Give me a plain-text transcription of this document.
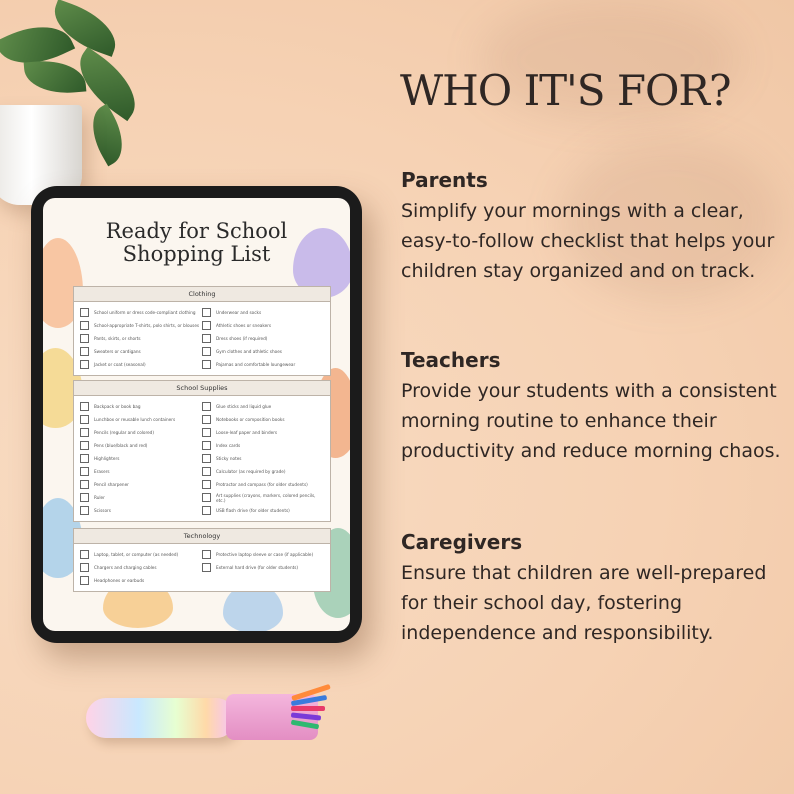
Ready for School
Shopping List
Clothing
School uniform or dress code-compliant clothing
School-appropriate T-shirts, polo shirts, or blouses
Pants, skirts, or shorts
Sweaters or cardigans
Jacket or coat (seasonal)
Underwear and socks
Athletic shoes or sneakers
Dress shoes (if required)
Gym clothes and athletic shoes
Pajamas and comfortable loungewear
School Supplies
Backpack or book bag
Lunchbox or reusable lunch containers
Pencils (regular and colored)
Pens (blue/black and red)
Highlighters
Erasers
Pencil sharpener
Ruler
Scissors
Glue sticks and liquid glue
Notebooks or composition books
Loose-leaf paper and binders
Index cards
Sticky notes
Calculator (as required by grade)
Protractor and compass (for older students)
Art supplies (crayons, markers, colored pencils, etc.)
USB flash drive (for older students)
Technology
Laptop, tablet, or computer (as needed)
Chargers and charging cables
Headphones or earbuds
Protective laptop sleeve or case (if applicable)
External hard drive (for older students)
WHO IT'S FOR?
Parents

Simplify your mornings with a clear, easy-to-follow checklist that helps your children stay organized and on track.

Teachers

Provide your students with a consistent morning routine to enhance their productivity and reduce morning chaos.

Caregivers

Ensure that children are well-prepared for their school day, fostering independence and responsibility.
